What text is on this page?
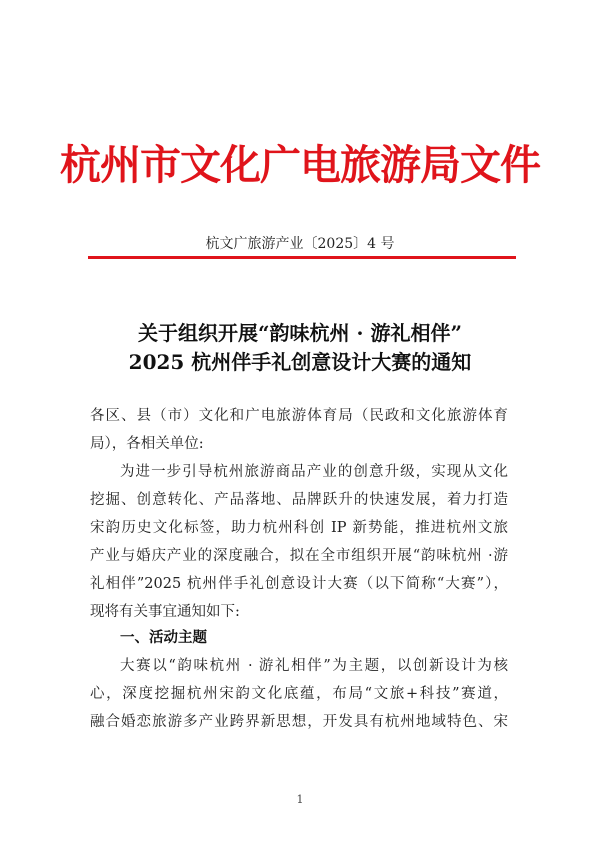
杭州市文化广电旅游局文件
杭文广旅游产业〔2025〕4 号
关于组织开展“韵味杭州 · 游礼相伴”
2025 杭州伴手礼创意设计大赛的通知
各区、县（市）文化和广电旅游体育局（民政和文化旅游体育
局），各相关单位:
为进一步引导杭州旅游商品产业的创意升级，实现从文化
挖掘、创意转化、产品落地、品牌跃升的快速发展，着力打造
宋韵历史文化标签，助力杭州科创 IP 新势能，推进杭州文旅
产业与婚庆产业的深度融合，拟在全市组织开展“韵味杭州 ·游
礼相伴”2025 杭州伴手礼创意设计大赛（以下简称“大赛”），
现将有关事宜通知如下:
一、活动主题
大赛以“韵味杭州 · 游礼相伴”为主题，以创新设计为核
心，深度挖掘杭州宋韵文化底蕴，布局“文旅+科技”赛道，
融合婚恋旅游多产业跨界新思想，开发具有杭州地域特色、宋
1
